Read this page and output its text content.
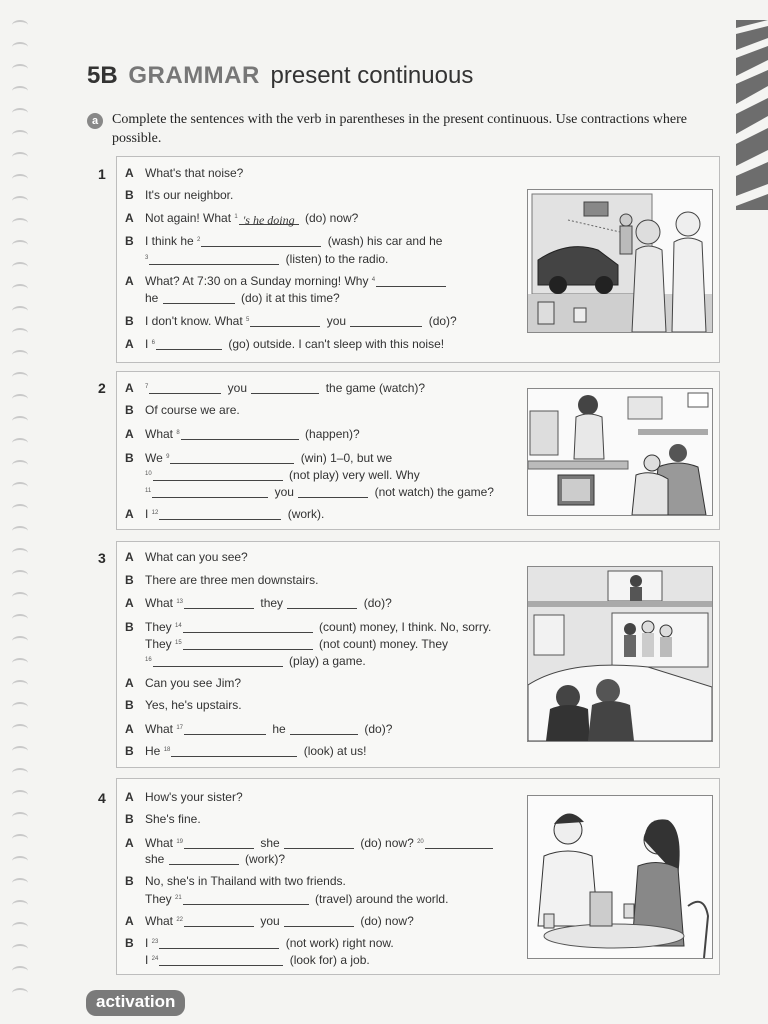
5B GRAMMAR present continuous
a Complete the sentences with the verb in parentheses in the present continuous. Use contractions where possible.
1 A What's that noise?
B It's our neighbor.
A Not again! What $^1$ 's he doing (do) now?
B I think he $^2$	(wash) his car and he
$^3$	(listen) to the radio.
A What? At 7:30 on a Sunday morning! Why $^4$
he	(do) it at this time?
B I don't know. What $^5$	you	(do)?
A I $^6$	(go) outside. I can't sleep with this noise!
2 A $^7$	you	the game (watch)?
B Of course we are.
A What $^8$	(happen)?
B We $^9$	(win) 1–0, but we
$^{10}$	(not play) very well. Why
$^{11}$	you	(not watch) the game?
A I $^{12}$	(work).
3 A What can you see?
B There are three men downstairs.
A What $^{13}$	they	(do)?
B They $^{14}$	(count) money, I think. No, sorry.
They $^{15}$	(not count) money. They
$^{16}$	(play) a game.
A Can you see Jim?
B Yes, he's upstairs.
A What $^{17}$	he	(do)?
B He $^{18}$	(look) at us!
4 A How's your sister?
B She's fine.
A What $^{19}$	she	(do) now? $^{20}$
she	(work)?
B No, she's in Thailand with two friends.
They $^{21}$	(travel) around the world.
A What $^{22}$	you	(do) now?
B I $^{23}$	(not work) right now.
I $^{24}$	(look for) a job.
activation
